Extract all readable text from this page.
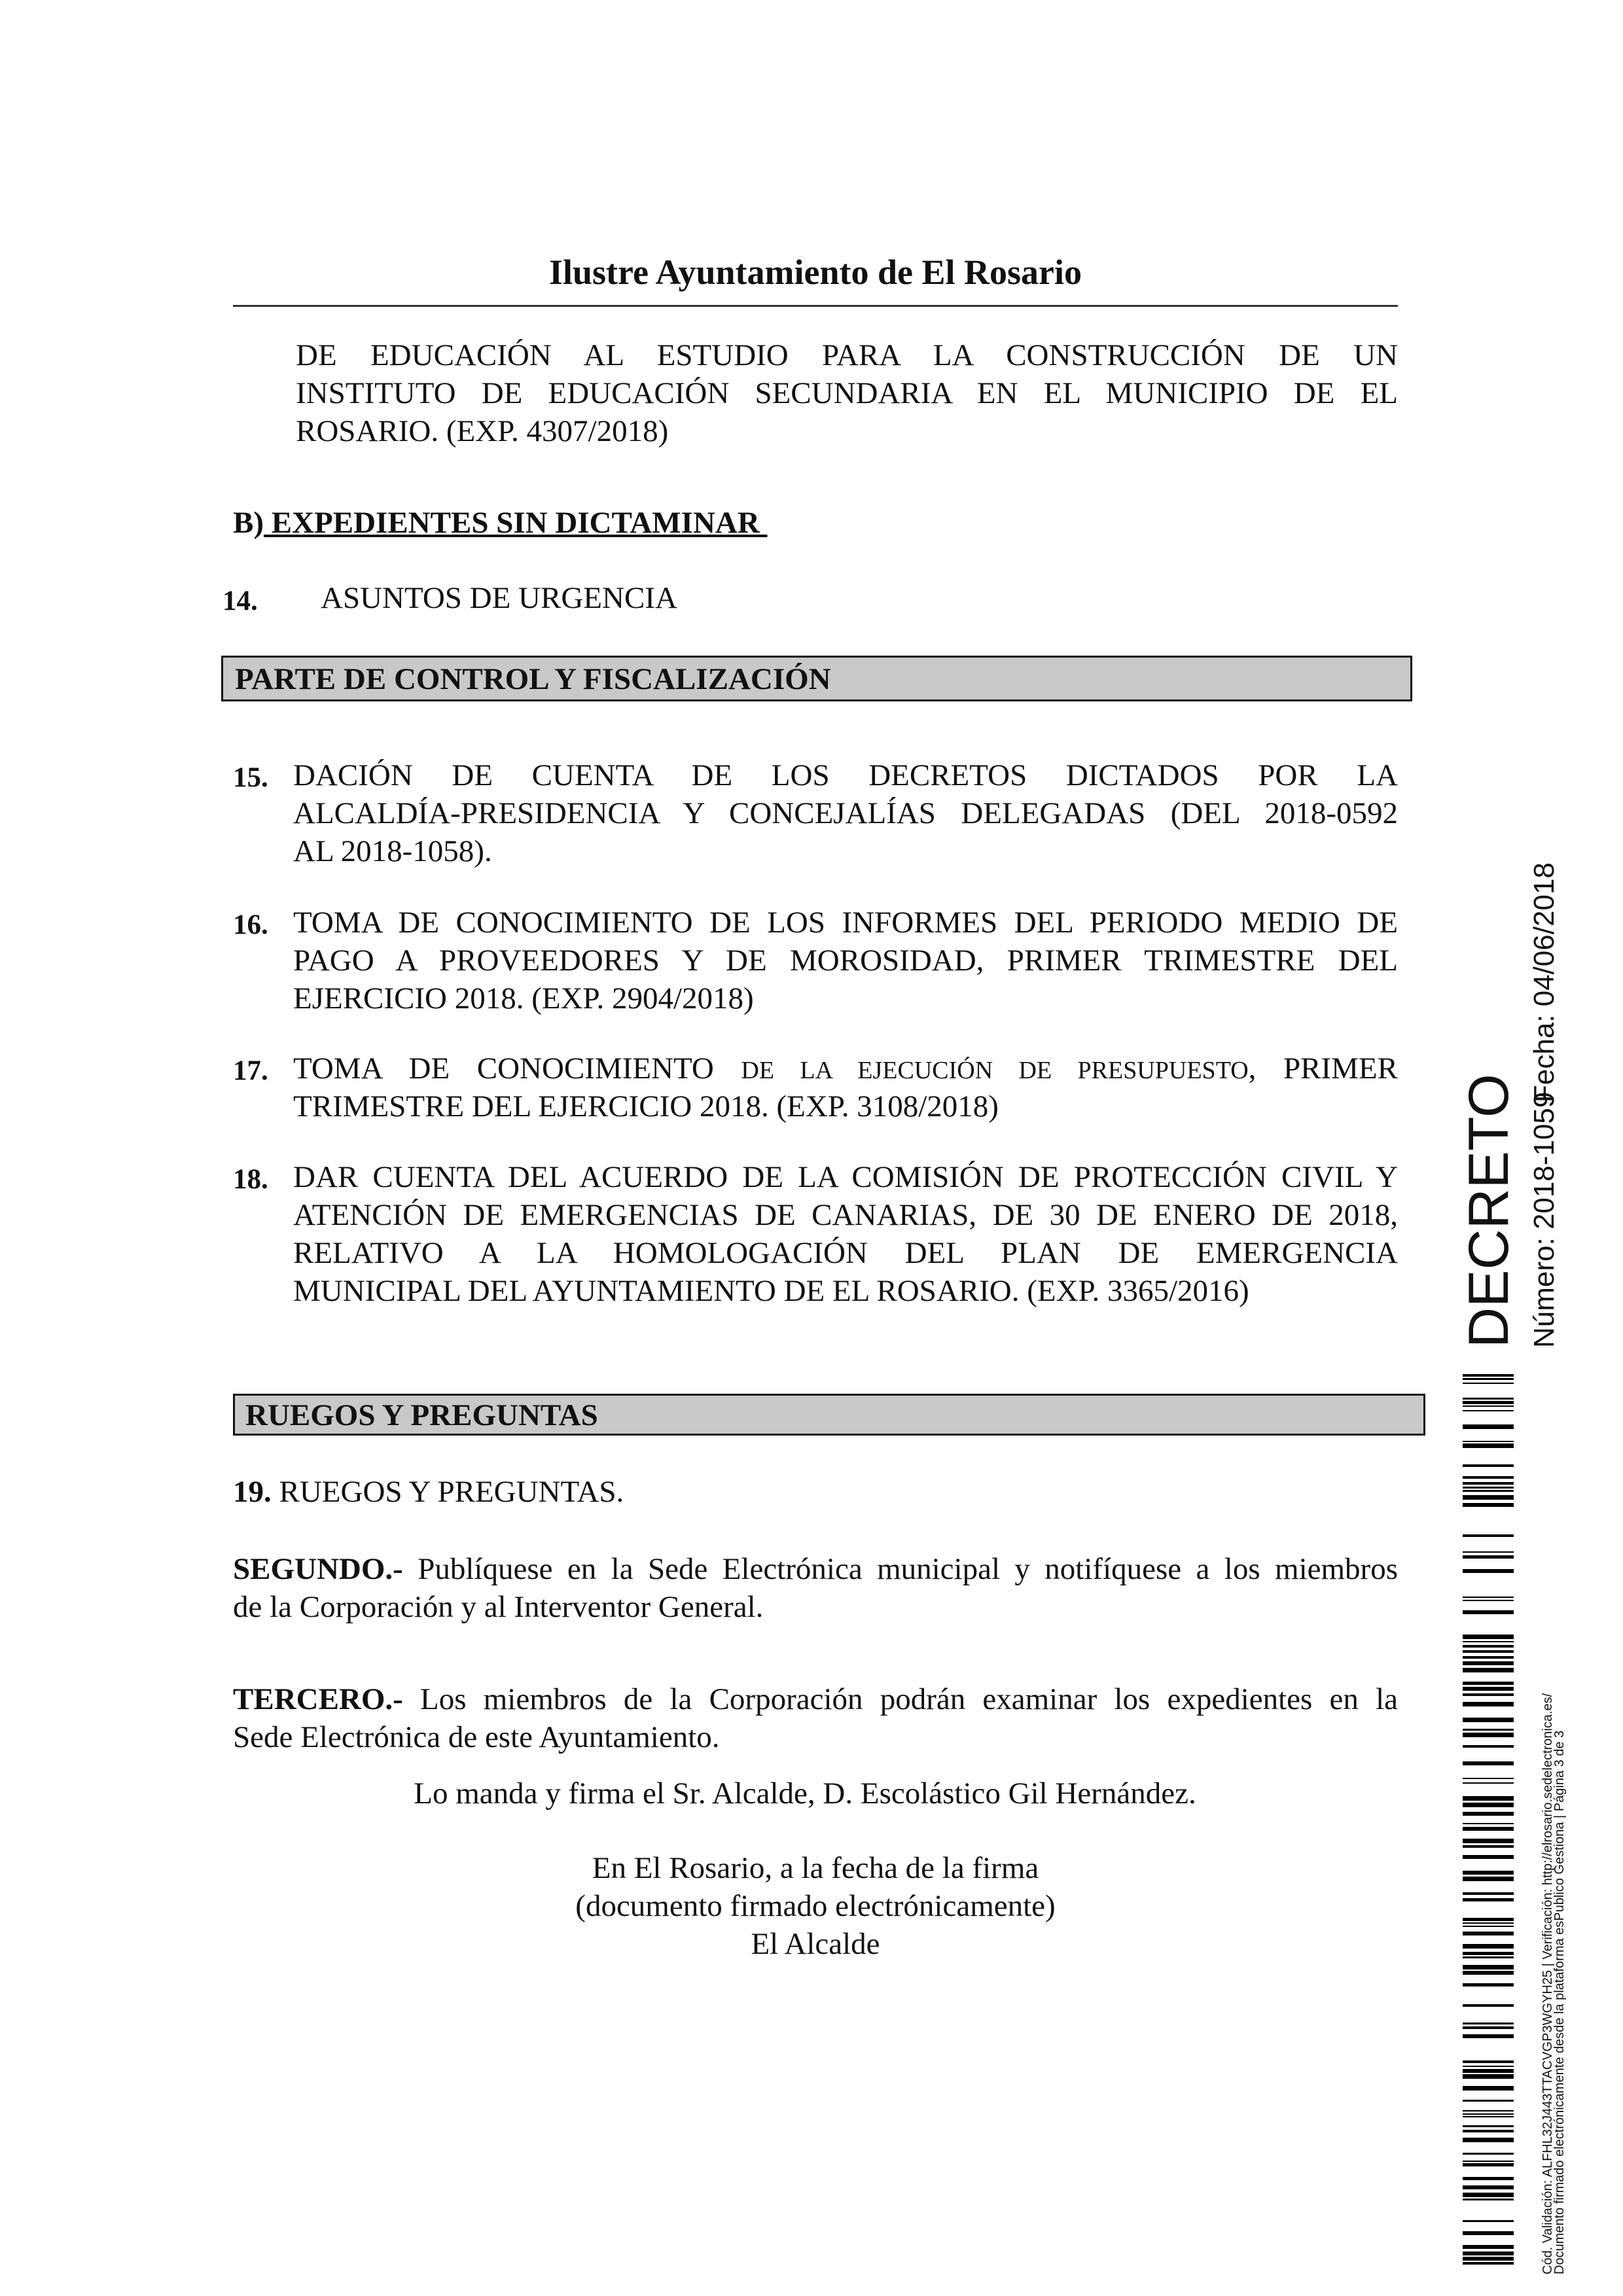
Ilustre Ayuntamiento de El Rosario
DE EDUCACIÓN AL ESTUDIO PARA LA CONSTRUCCIÓN DE UN
INSTITUTO DE EDUCACIÓN SECUNDARIA EN EL MUNICIPIO DE EL
ROSARIO. (EXP. 4307/2018)
B) EXPEDIENTES SIN DICTAMINAR
14. ASUNTOS DE URGENCIA
PARTE DE CONTROL Y FISCALIZACIÓN
15. DACIÓN DE CUENTA DE LOS DECRETOS DICTADOS POR LA
ALCALDÍA-PRESIDENCIA Y CONCEJALÍAS DELEGADAS (DEL 2018-0592
AL 2018-1058).
16. TOMA DE CONOCIMIENTO DE LOS INFORMES DEL PERIODO MEDIO DE
PAGO A PROVEEDORES Y DE MOROSIDAD, PRIMER TRIMESTRE DEL
EJERCICIO 2018. (EXP. 2904/2018)
17. TOMA DE CONOCIMIENTO DE LA EJECUCIÓN DE PRESUPUESTO, PRIMER
TRIMESTRE DEL EJERCICIO 2018. (EXP. 3108/2018)
18. DAR CUENTA DEL ACUERDO DE LA COMISIÓN DE PROTECCIÓN CIVIL Y
ATENCIÓN DE EMERGENCIAS DE CANARIAS, DE 30 DE ENERO DE 2018,
RELATIVO A LA HOMOLOGACIÓN DEL PLAN DE EMERGENCIA
MUNICIPAL DEL AYUNTAMIENTO DE EL ROSARIO. (EXP. 3365/2016)
RUEGOS Y PREGUNTAS
19. RUEGOS Y PREGUNTAS.
SEGUNDO.- Publíquese en la Sede Electrónica municipal y notifíquese a los miembros
de la Corporación y al Interventor General.
TERCERO.- Los miembros de la Corporación podrán examinar los expedientes en la
Sede Electrónica de este Ayuntamiento.
Lo manda y firma el Sr. Alcalde, D. Escolástico Gil Hernández.
En El Rosario, a la fecha de la firma
(documento firmado electrónicamente)
El Alcalde
DECRETO Número: 2018-1059
Fecha: 04/06/2018
Cód. Validación: ALFHL32J443TTACVGP3WGYH25 | Verificación: http://elrosario.sedelectronica.es/
Documento firmado electrónicamente desde la plataforma esPublico Gestiona | Página 3 de 3
